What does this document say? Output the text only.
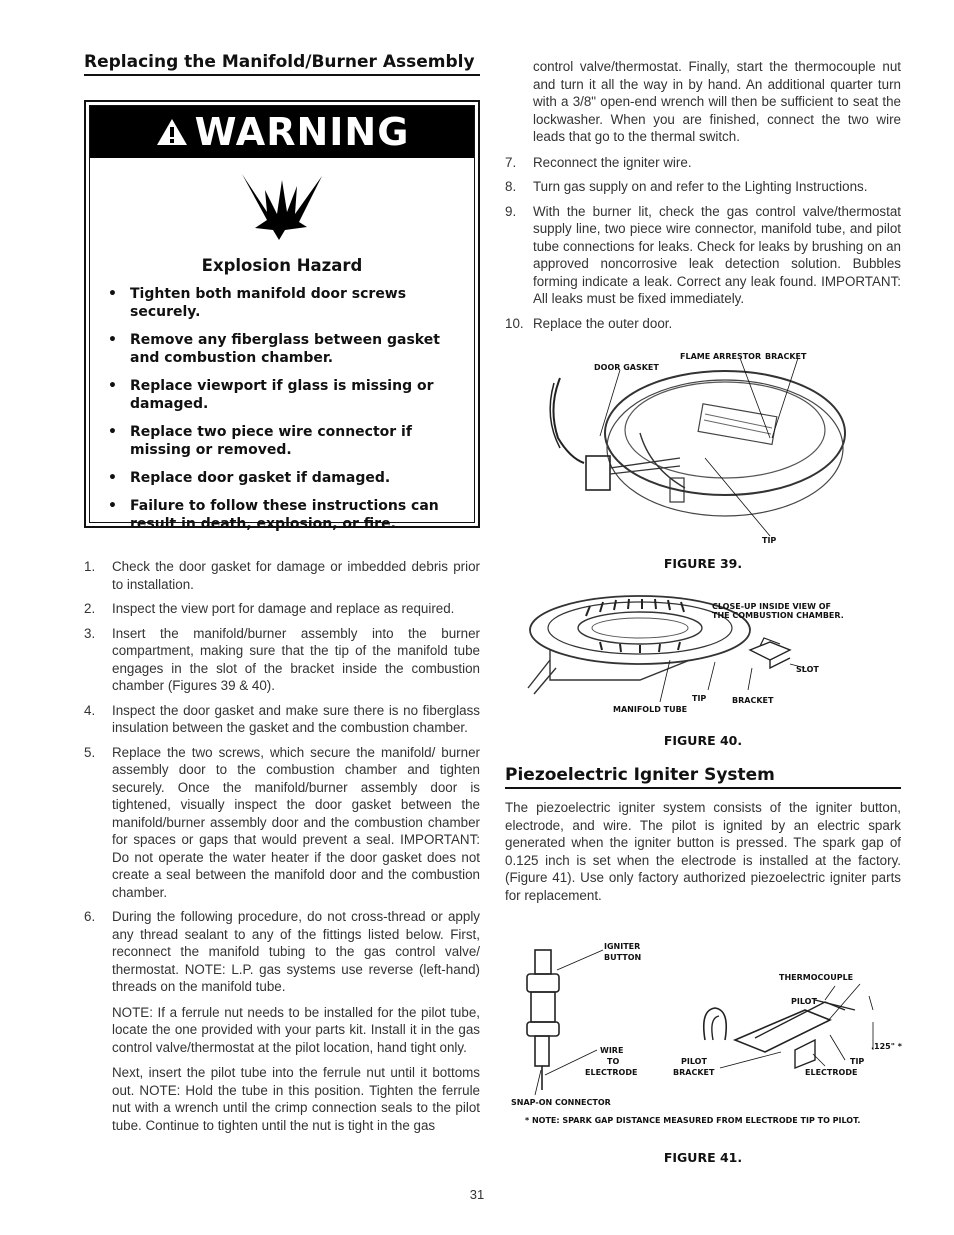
Replacing the Manifold/Burner Assembly
WARNING
Explosion Hazard
• Tighten both manifold door screws securely.
• Remove any fiberglass between gasket and combustion chamber.
• Replace viewport if glass is missing or damaged.
• Replace two piece wire connector if missing or removed.
• Replace door gasket if damaged.
• Failure to follow these instructions can result in death, explosion, or fire.
1. Check the door gasket for damage or imbedded debris prior to installation.
2. Inspect the view port for damage and replace as required.
3. Insert the manifold/burner assembly into the burner compartment, making sure that the tip of the manifold tube engages in the slot of the bracket inside the combustion chamber (Figures 39 & 40).
4. Inspect the door gasket and make sure there is no fiberglass insulation between the gasket and the combustion chamber.
5. Replace the two screws, which secure the manifold/ burner assembly door to the combustion chamber and tighten securely. Once the manifold/burner assembly door is tightened, visually inspect the door gasket between the manifold/burner assembly door and the combustion chamber for spaces or gaps that would prevent a seal. IMPORTANT: Do not operate the water heater if the door gasket does not create a seal between the manifold door and the combustion chamber.
6. During the following procedure, do not cross-thread or apply any thread sealant to any of the fittings listed below. First, reconnect the manifold tubing to the gas control valve/ thermostat. NOTE: L.P. gas systems use reverse (left-hand) threads on the manifold tube.

NOTE: If a ferrule nut needs to be installed for the pilot tube, locate the one provided with your parts kit. Install it in the gas control valve/thermostat at the pilot location, hand tight only.

Next, insert the pilot tube into the ferrule nut until it bottoms out. NOTE: Hold the tube in this position. Tighten the ferrule nut with a wrench until the crimp connection seals to the pilot tube. Continue to tighten until the nut is tight in the gas

control valve/thermostat. Finally, start the thermocouple nut and turn it all the way in by hand. An additional quarter turn with a 3/8" open-end wrench will then be sufficient to seat the lockwasher. When you are finished, connect the two wire leads that go to the thermal switch.
7. Reconnect the igniter wire.
8. Turn gas supply on and refer to the Lighting Instructions.
9. With the burner lit, check the gas control valve/thermostat supply line, two piece wire connector, manifold tube, and pilot tube connections for leaks. Check for leaks by brushing on an approved noncorrosive leak detection solution. Bubbles forming indicate a leak. Correct any leak found. IMPORTANT: All leaks must be fixed immediately.
10. Replace the outer door.
FLAME ARRESTOR BRACKET
DOOR GASKET
TIP
FIGURE 39.
CLOSE-UP INSIDE VIEW OF
THE COMBUSTION CHAMBER.
SLOT
TIP	BRACKET
MANIFOLD TUBE
FIGURE 40.
Piezoelectric Igniter System
The piezoelectric igniter system consists of the igniter button, electrode, and wire. The pilot is ignited by an electric spark generated when the igniter button is pressed. The spark gap of 0.125 inch is set when the electrode is installed at the factory. (Figure 41). Use only factory authorized piezoelectric igniter parts for replacement.
IGNITER
BUTTON
THERMOCOUPLE
PILOT
.125" *
WIRE
TO
ELECTRODE
PILOT
BRACKET
TIP
ELECTRODE
SNAP-ON CONNECTOR
* NOTE: SPARK GAP DISTANCE MEASURED FROM ELECTRODE TIP TO PILOT.
FIGURE 41.
31
